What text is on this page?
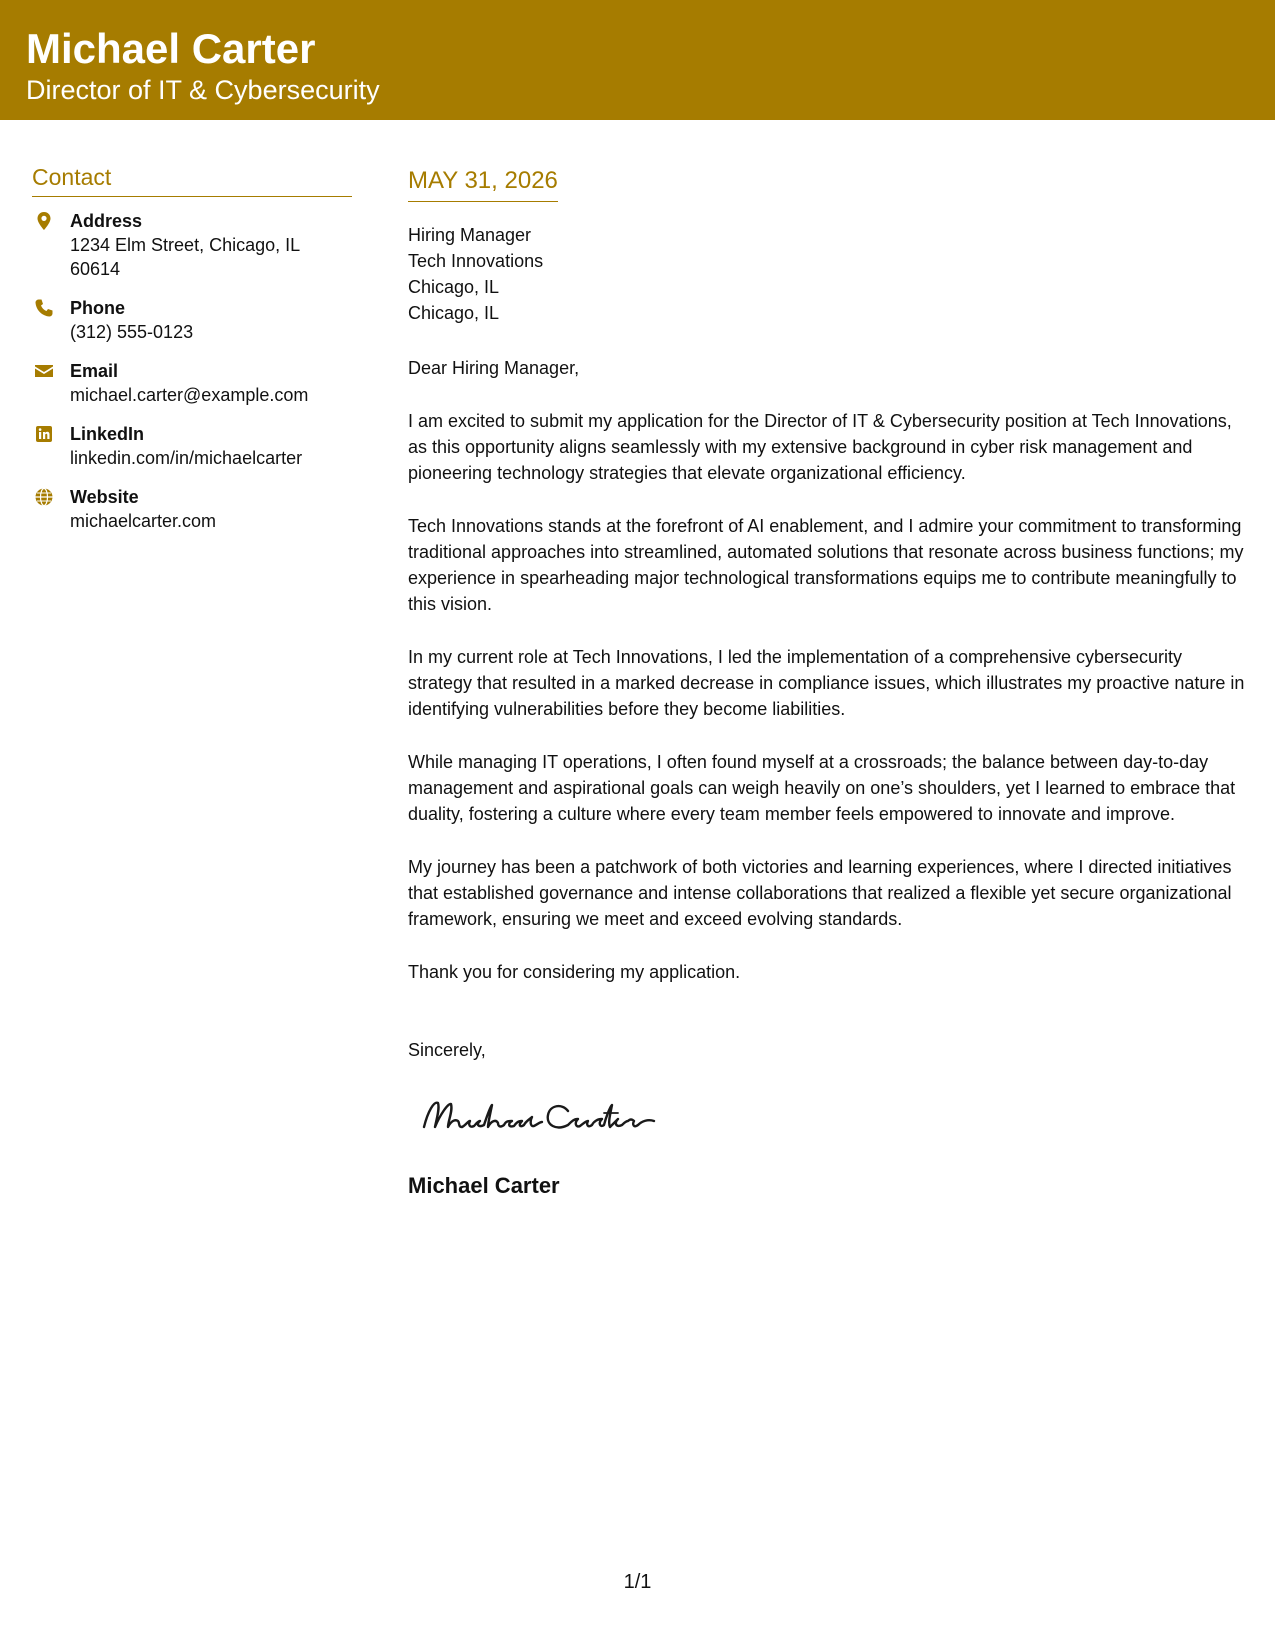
Michael Carter
Director of IT & Cybersecurity
Contact
Address
1234 Elm Street, Chicago, IL 60614
Phone
(312) 555-0123
Email
michael.carter@example.com
LinkedIn
linkedin.com/in/michaelcarter
Website
michaelcarter.com
MAY 31, 2026
Hiring Manager
Tech Innovations
Chicago, IL
Chicago, IL
Dear Hiring Manager,
I am excited to submit my application for the Director of IT & Cybersecurity position at Tech Innovations, as this opportunity aligns seamlessly with my extensive background in cyber risk management and pioneering technology strategies that elevate organizational efficiency.
Tech Innovations stands at the forefront of AI enablement, and I admire your commitment to transforming traditional approaches into streamlined, automated solutions that resonate across business functions; my experience in spearheading major technological transformations equips me to contribute meaningfully to this vision.
In my current role at Tech Innovations, I led the implementation of a comprehensive cybersecurity strategy that resulted in a marked decrease in compliance issues, which illustrates my proactive nature in identifying vulnerabilities before they become liabilities.
While managing IT operations, I often found myself at a crossroads; the balance between day-to-day management and aspirational goals can weigh heavily on one’s shoulders, yet I learned to embrace that duality, fostering a culture where every team member feels empowered to innovate and improve.
My journey has been a patchwork of both victories and learning experiences, where I directed initiatives that established governance and intense collaborations that realized a flexible yet secure organizational framework, ensuring we meet and exceed evolving standards.
Thank you for considering my application.
Sincerely,
Michael Carter
1/1
